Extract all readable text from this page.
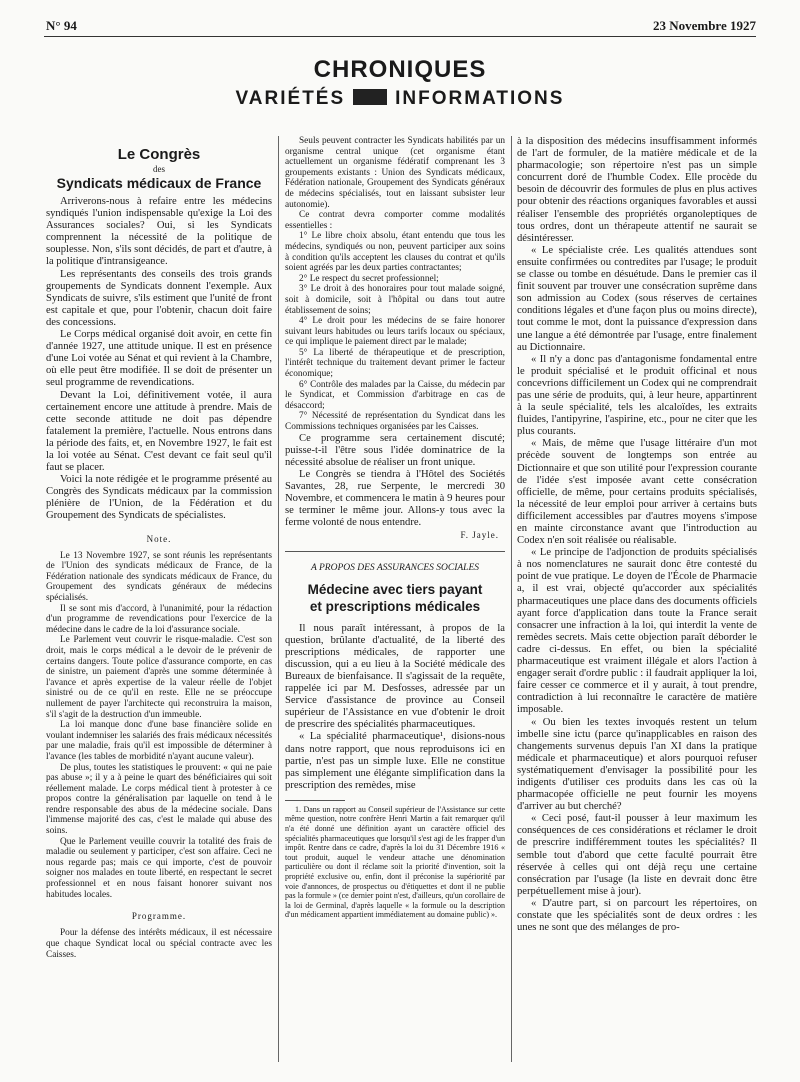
N° 94	23 Novembre 1927
CHRONIQUES
VARIÉTÉS	INFORMATIONS
Le Congrès
des
Syndicats médicaux de France

Arriverons-nous à refaire entre les médecins syndiqués l'union indispensable qu'exige la Loi des Assurances sociales? Oui, si les Syndicats comprennent la nécessité de la politique de souplesse. Non, s'ils sont décidés, de part et d'autre, à la politique d'intransigeance.

Les représentants des conseils des trois grands groupements de Syndicats donnent l'exemple. Aux Syndicats de suivre, s'ils estiment que l'unité de front est capitale et que, pour l'obtenir, chacun doit faire des concessions.

Le Corps médical organisé doit avoir, en cette fin d'année 1927, une attitude unique. Il est en présence d'une Loi votée au Sénat et qui revient à la Chambre, où elle peut être modifiée. Il se doit de présenter un seul programme de revendications.

Devant la Loi, définitivement votée, il aura certainement encore une attitude à prendre. Mais de cette seconde attitude ne doit pas dépendre fatalement la première, l'actuelle. Nous entrons dans la période des faits, et, en Novembre 1927, le fait est la loi votée au Sénat. C'est devant ce fait seul qu'il faut se placer.

Voici la note rédigée et le programme présenté au Congrès des Syndicats médicaux par la commission plénière de l'Union, de la Fédération et du Groupement des Syndicats de spécialistes.

Note.

Le 13 Novembre 1927, se sont réunis les représentants de l'Union des syndicats médicaux de France, de la Fédération nationale des syndicats médicaux de France, du Groupement des syndicats généraux de médecins spécialisés.

Il se sont mis d'accord, à l'unanimité, pour la rédaction d'un programme de revendications pour l'exercice de la médecine dans le cadre de la loi d'assurance sociale.

Le Parlement veut couvrir le risque-maladie. C'est son droit, mais le corps médical a le devoir de le prévenir de certains dangers. Toute police d'assurance comporte, en cas de sinistre, un paiement d'après une somme déterminée à l'avance et après expertise de la valeur réelle de l'objet sinistré ou de ce qu'il en reste. Elle ne se préoccupe nullement de payer l'architecte qui reconstruira la maison, s'il s'agit de la destruction d'un immeuble.

La loi manque donc d'une base financière solide en voulant indemniser les salariés des frais médicaux nécessités par une maladie, frais qu'il est impossible de déterminer à l'avance (les tables de morbidité n'ayant aucune valeur).

De plus, toutes les statistiques le prouvent: « qui ne paie pas abuse »; il y a à peine le quart des bénéficiaires qui soit réellement malade. Le corps médical tient à protester à ce propos contre la généralisation par laquelle on tend à le rendre responsable des abus de la médecine sociale. Dans l'immense majorité des cas, c'est le malade qui abuse des soins.

Que le Parlement veuille couvrir la totalité des frais de maladie ou seulement y participer, c'est son affaire. Ceci ne nous regarde pas; mais ce qui importe, c'est de pouvoir soigner nos malades en toute liberté, en respectant le secret professionnel et en nous faisant honorer suivant nos habitudes locales.

Programme.

Pour la défense des intérêts médicaux, il est nécessaire que chaque Syndicat local ou spécial contracte avec les Caisses.

Seuls peuvent contracter les Syndicats habilités par un organisme central unique (cet organisme étant actuellement un organisme fédératif comprenant les 3 groupements existants : Union des Syndicats médicaux, Fédération nationale, Groupement des Syndicats généraux de médecins spécialisés, tout en laissant subsister leur autonomie).

Ce contrat devra comporter comme modalités essentielles :

1° Le libre choix absolu, étant entendu que tous les médecins, syndiqués ou non, peuvent participer aux soins à condition qu'ils acceptent les clauses du contrat et qu'ils soient agréés par les deux parties contractantes;

2° Le respect du secret professionnel;

3° Le droit à des honoraires pour tout malade soigné, soit à domicile, soit à l'hôpital ou dans tout autre établissement de soins;

4° Le droit pour les médecins de se faire honorer suivant leurs habitudes ou leurs tarifs locaux ou spéciaux, ce qui implique le paiement direct par le malade;

5° La liberté de thérapeutique et de prescription, l'intérêt technique du traitement devant primer le facteur économique;

6° Contrôle des malades par la Caisse, du médecin par le Syndicat, et Commission d'arbitrage en cas de désaccord;

7° Nécessité de représentation du Syndicat dans les Commissions techniques organisées par les Caisses.

Ce programme sera certainement discuté; puisse-t-il l'être sous l'idée dominatrice de la nécessité absolue de réaliser un front unique.

Le Congrès se tiendra à l'Hôtel des Sociétés Savantes, 28, rue Serpente, le mercredi 30 Novembre, et commencera le matin à 9 heures pour se terminer le même jour. Allons-y tous avec la ferme volonté de nous entendre.

F. Jayle.
A PROPOS DES ASSURANCES SOCIALES
Médecine avec tiers payant
et prescriptions médicales

Il nous paraît intéressant, à propos de la question, brûlante d'actualité, de la liberté des prescriptions médicales, de rapporter une discussion, qui a eu lieu à la Société médicale des Bureaux de bienfaisance. Il s'agissait de la requête, rappelée ici par M. Desfosses, adressée par un Service d'assistance de province au Conseil supérieur de l'Assistance en vue d'obtenir le droit de prescrire des spécialités pharmaceutiques.

« La spécialité pharmaceutique¹, disions-nous dans notre rapport, que nous reproduisons ici en partie, n'est pas un simple luxe. Elle ne constitue pas simplement une élégante simplification dans la prescription des remèdes, mise

1. Dans un rapport au Conseil supérieur de l'Assistance sur cette même question, notre confrère Henri Martin a fait remarquer qu'il n'a été donné une définition ayant un caractère officiel des spécialités pharmaceutiques que lorsqu'il s'est agi de les frapper d'un impôt. Rentre dans ce cadre, d'après la loi du 31 Décembre 1916 « tout produit, auquel le vendeur attache une dénomination particulière ou dont il réclame soit la priorité d'invention, soit la propriété exclusive ou, enfin, dont il préconise la supériorité par voie d'annonces, de prospectus ou d'étiquettes et dont il ne publie pas la formule » (ce dernier point n'est, d'ailleurs, qu'un corollaire de la loi de Germinal, d'après laquelle « la formule ou la description d'un médicament appartient immédiatement au domaine public) ».

à la disposition des médecins insuffisamment informés de l'art de formuler, de la matière médicale et de la pharmacologie; son répertoire n'est pas un simple concurrent doré de l'humble Codex. Elle procède du besoin de découvrir des formules de plus en plus actives pour obtenir des réactions organiques favorables et aussi réaliser l'ensemble des propriétés organoleptiques de tous ordres, dont un thérapeute attentif ne saurait se désintéresser.

« Le spécialiste crée. Les qualités attendues sont ensuite confirmées ou contredites par l'usage; le produit se classe ou tombe en désuétude. Dans le premier cas il finit souvent par trouver une consécration suprême dans son admission au Codex (sous réserves de certaines conditions légales et d'une façon plus ou moins directe), tout comme le mot, dont la puissance d'expression dans une langue a été démontrée par l'usage, entre finalement au Dictionnaire.

« Il n'y a donc pas d'antagonisme fondamental entre le produit spécialisé et le produit officinal et nous concevrions difficilement un Codex qui ne comprendrait pas une série de produits, qui, à leur heure, appartinrent à la seule spécialité, tels les alcaloïdes, les extraits fluides, l'antipyrine, l'aspirine, etc., pour ne citer que les plus courants.

« Mais, de même que l'usage littéraire d'un mot précède souvent de longtemps son entrée au Dictionnaire et que son utilité pour l'expression courante de l'idée s'est imposée avant cette consécration officielle, de même, pour certains produits spécialisés, la nécessité de leur emploi pour arriver à certains buts difficilement accessibles par d'autres moyens s'impose en mainte circonstance avant que l'introduction au Codex n'en soit réalisée ou réalisable.

« Le principe de l'adjonction de produits spécialisés à nos nomenclatures ne saurait donc être contesté du point de vue pratique. Le doyen de l'École de Pharmacie a, il est vrai, objecté qu'accorder aux spécialités pharmaceutiques une place dans des documents officiels ayant force d'application dans toute la France serait consacrer une infraction à la loi, qui interdit la vente de remèdes secrets. Mais cette objection paraît déborder le cadre ci-dessus. En effet, ou bien la spécialité pharmaceutique est vraiment illégale et alors l'action à engager serait d'ordre public : il faudrait appliquer la loi, faire cesser ce commerce et il y aurait, à tout prendre, contradiction à lui reconnaître le caractère de matière imposable.

« Ou bien les textes invoqués restent un telum imbelle sine ictu (parce qu'inapplicables en raison des changements survenus depuis l'an XI dans la pratique médicale et pharmaceutique) et alors pourquoi refuser systématiquement d'envisager la possibilité pour les indigents d'utiliser ces produits dans les cas où la pharmacopée officielle ne peut fournir les moyens d'arriver au but cherché?

« Ceci posé, faut-il pousser à leur maximum les conséquences de ces considérations et réclamer le droit de prescrire indifféremment toutes les spécialités? Il semble tout d'abord que cette faculté pourrait être réservée à celles qui ont déjà reçu une certaine consécration par l'usage (la liste en devrait donc être perpétuellement mise à jour).

« D'autre part, si on parcourt les répertoires, on constate que les spécialités sont de deux ordres : les unes ne sont que des mélanges de pro-
